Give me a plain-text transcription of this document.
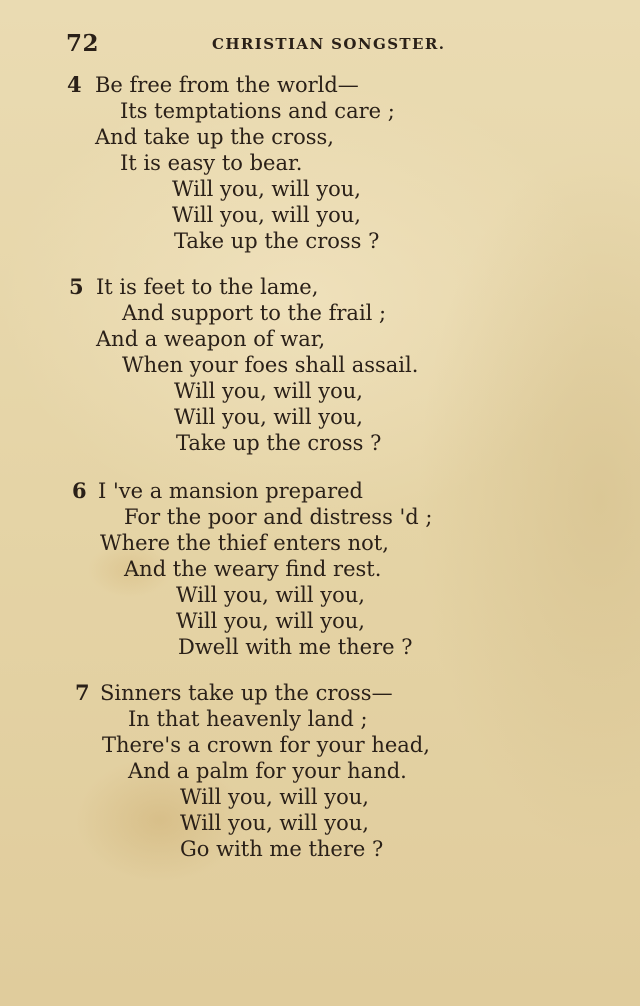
72	CHRISTIAN SONGSTER.
4 Be free from the world—
Its temptations and care ;
And take up the cross,
It is easy to bear.
Will you, will you,
Will you, will you,
Take up the cross ?
5 It is feet to the lame,
And support to the frail ;
And a weapon of war,
When your foes shall assail.
Will you, will you,
Will you, will you,
Take up the cross ?
6 I 've a mansion prepared
For the poor and distress 'd ;
Where the thief enters not,
And the weary find rest.
Will you, will you,
Will you, will you,
Dwell with me there ?
7 Sinners take up the cross—
In that heavenly land ;
There's a crown for your head,
And a palm for your hand.
Will you, will you,
Will you, will you,
Go with me there ?
